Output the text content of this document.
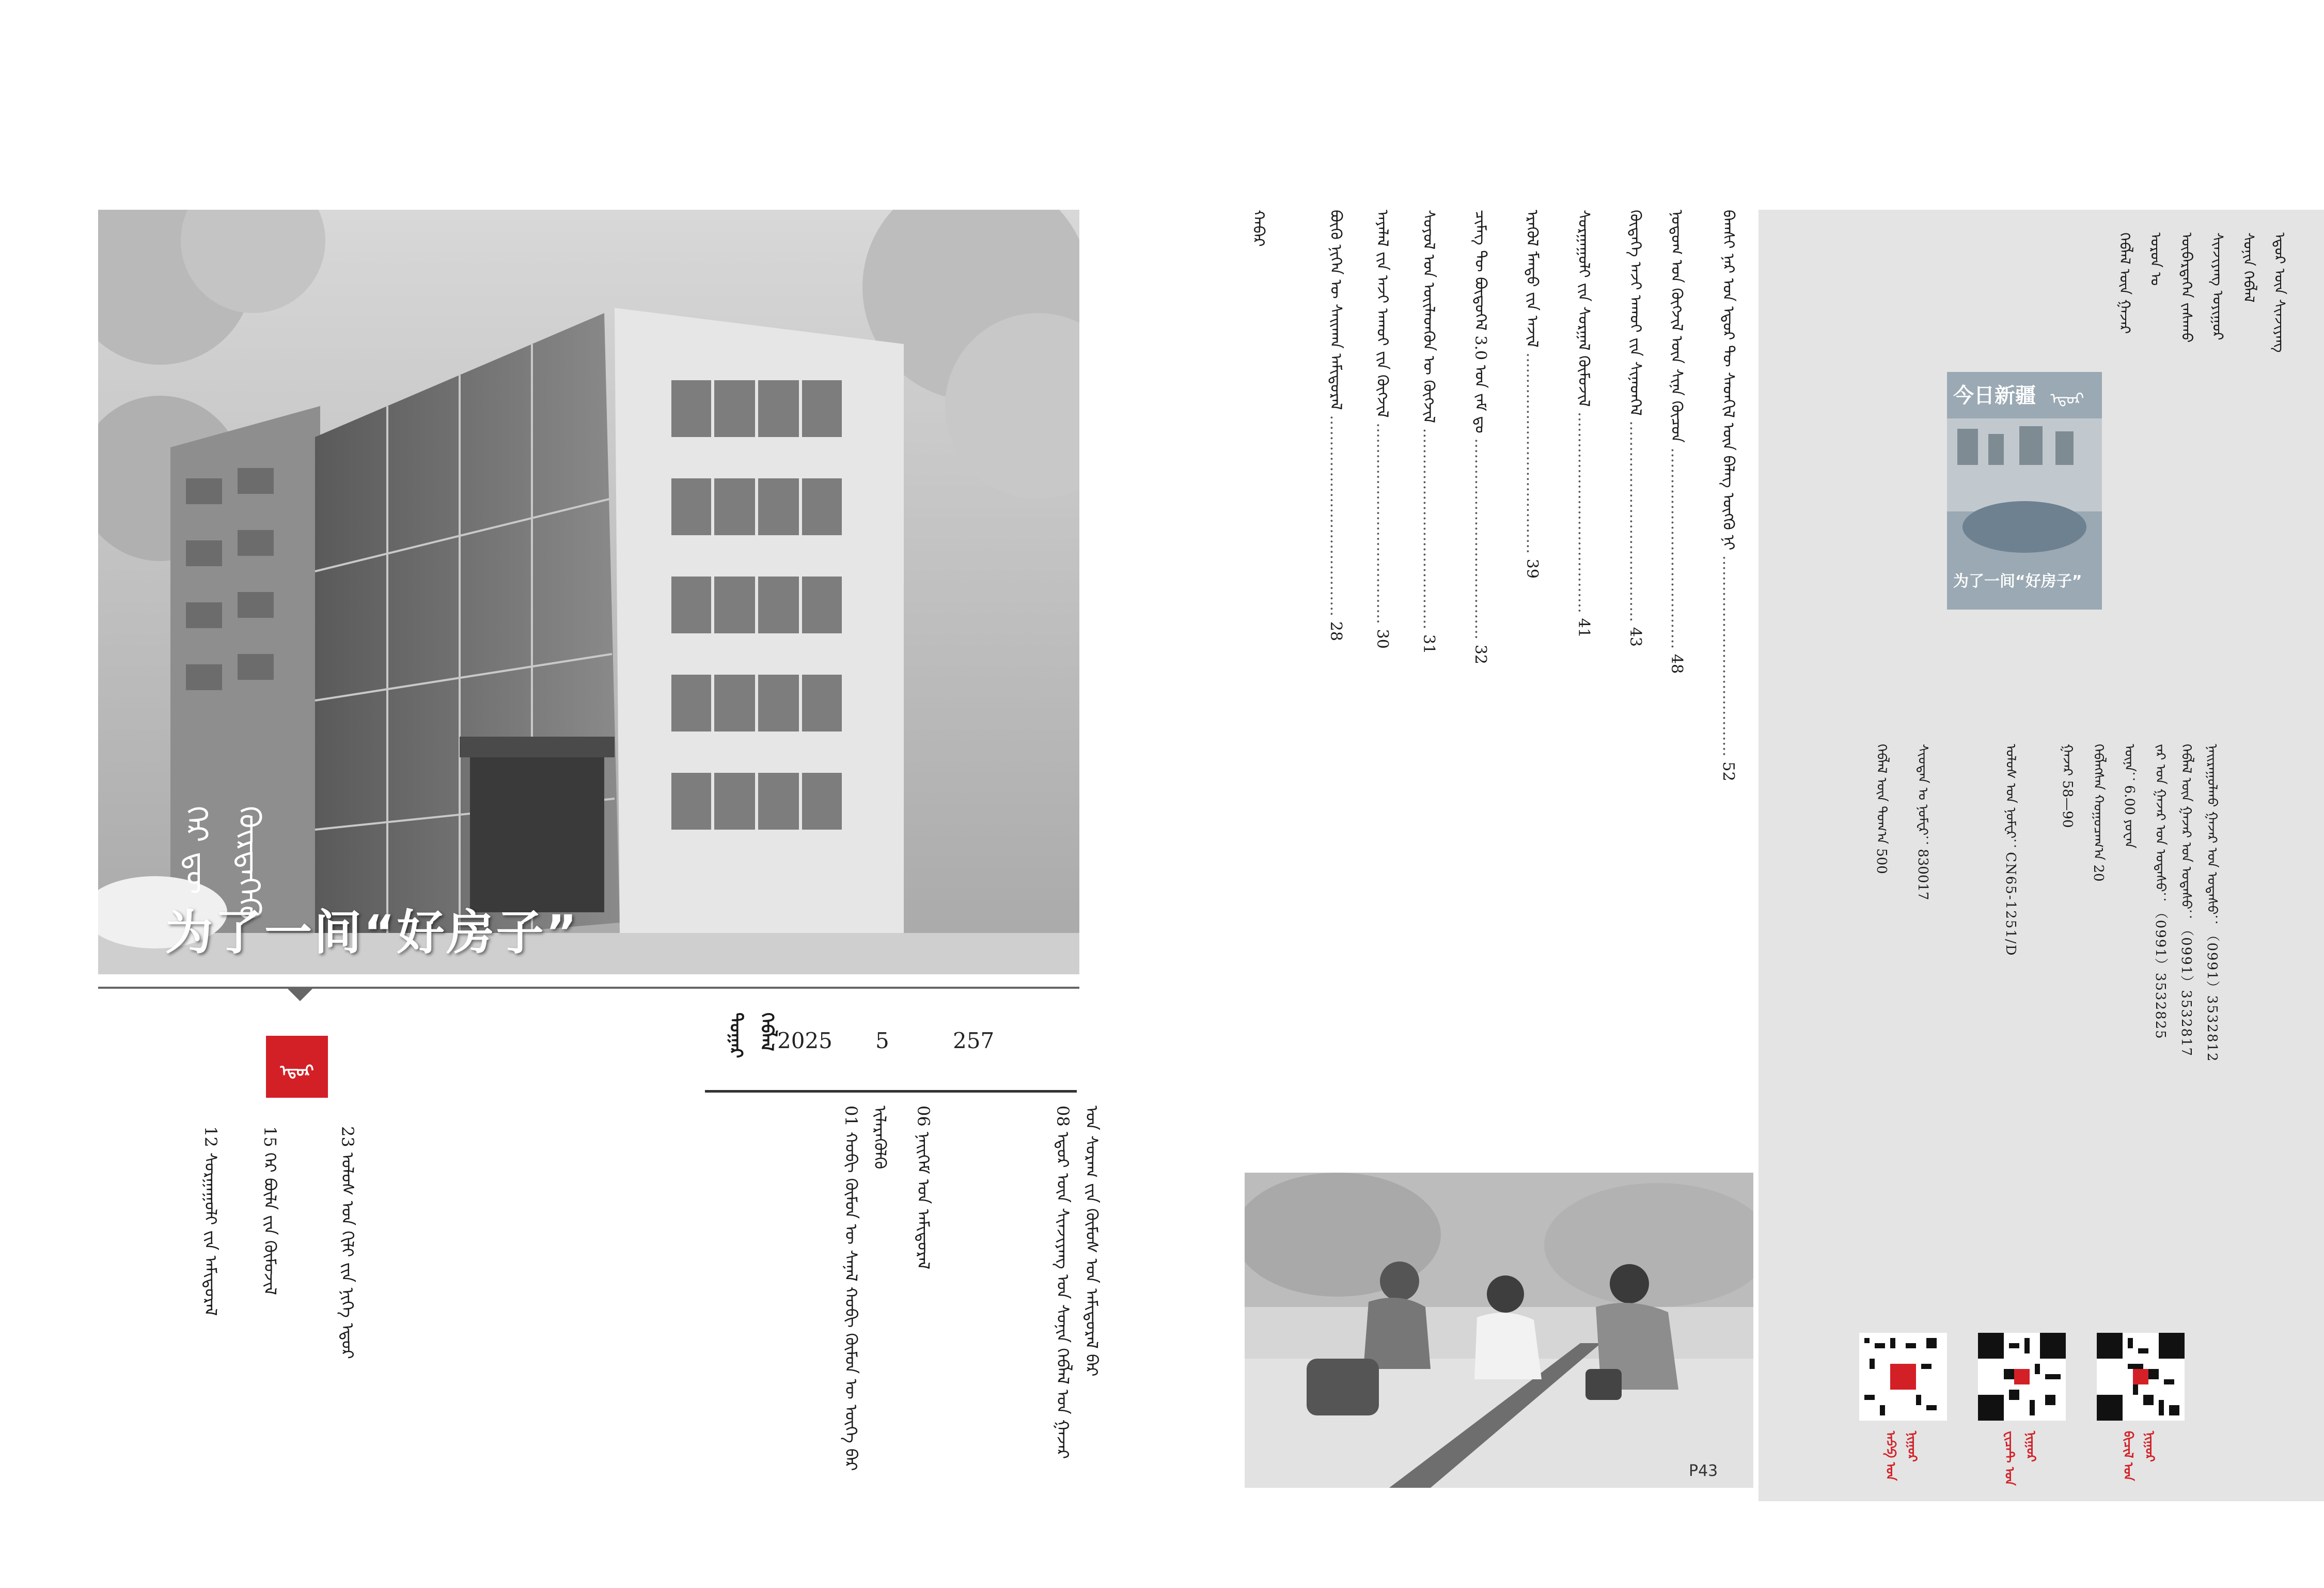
ᠭᠡᠷ ᠳᠦ ᠬᠦᠷᠲᠡᠭᠡᠬᠦ
为了一间“好房子”
ᠡᠳᠦᠷ
2025 5	257
ᠳᠤᠭᠠᠷ ᠬᠡᠪᠯᠡᠯ
08 ᠡᠳᠦᠷ ᠦᠨ ᠰᠢᠨᠵᠢᠶᠠᠩ ᠤᠨ ᠰᠣᠨᠢᠨ ᠬᠡᠪᠯᠡᠯ ᠤᠨ ᠭᠠᠵᠠᠷ ᠤᠨ ᠰᠤᠷᠠᠭ ᠵᠢᠨ ᠬᠦᠮᠦᠰ ᠤᠨ ᠠᠮᠢᠳᠤᠷᠠᠯ ᠪᠡᠷ
01 ᠬᠤᠪᠢ ᠬᠦᠮᠦᠨ ᠦ ᠰᠠᠨᠠᠯ ᠬᠤᠪᠢ ᠬᠦᠮᠦᠨ ᠦ ᠦᠭᠡ ᠪᠡᠷ ᠢᠯᠡᠷᠡᠭᠦᠯᠬᠦ 06 ᠨᠡᠢᠭᠡᠮ ᠤᠨ ᠠᠮᠢᠳᠤᠷᠠᠯ
23 ᠤᠯᠤᠰ ᠤᠨ ᠬᠢᠯᠢ ᠵᠢᠨ ᠨᠢᠭᠡ ᠡᠳᠦᠷ
15 ᠭᠡᠷ ᠪᠦᠯᠡ ᠵᠢᠨ ᠬᠦᠮᠦᠵᠢᠯ
12 ᠰᠤᠷᠭᠠᠭᠤᠯᠢ ᠵᠢᠨ ᠠᠮᠢᠳᠤᠷᠠᠯ
ᠬᠠᠪᠠᠷ	ᠪᠠᠭᠰᠢ ᠨᠠᠷ ᠤᠨ ᠡᠳᠦᠷ ᠲᠦ ᠰᠡᠳᠬᠢᠯ ᠦᠨ ᠪᠡᠯᠡᠭ ᠥᠭᠬᠦ ᠨᠢ ………………………………… 52
ᠨᠤᠲᠤᠭ ᠤᠨ ᠬᠥᠭᠵᠢᠯ ᠦᠨ ᠰᠢᠨᠡ ᠬᠦᠴᠦᠨ ………………………………… 48
ᠬᠥᠳᠡᠭᠡ ᠠᠵᠢ ᠠᠬᠤᠢ ᠵᠢᠨ ᠰᠢᠨᠡᠳᠬᠡᠯ ………………………………… 43
ᠰᠤᠷᠭᠠᠭᠤᠯᠢ ᠵᠢᠨ ᠰᠤᠷᠭᠠᠯ ᠬᠦᠮᠦᠵᠢᠯ ………………………………… 41
ᠡᠷᠡᠭᠦᠯ ᠮᠡᠨᠳᠦ ᠵᠢᠨ ᠠᠵᠢᠯ ………………………………… 39
ᠴᠢᠮᠡᠭ ᠲᠦ ᠪᠦᠲᠦᠭᠡᠯ 3.0 ᠤᠨ ᠵᠠᠮ ᠳᠤ ………………………………… 32
ᠰᠤᠶᠤᠯ ᠤᠨ ᠦᠢᠯᠡᠳᠬᠦᠨ ᠦ ᠬᠥᠭᠵᠢᠯ ………………………………… 31
ᠠᠶᠠᠯᠠᠯ ᠵᠢᠨ ᠠᠵᠢ ᠠᠬᠤᠢ ᠵᠢᠨ ᠬᠥᠭᠵᠢᠯ ………………………………… 30
ᠪᠦᠬᠦ ᠨᠢᠭᠡᠨ ᠦ ᠰᠠᠢᠬᠠᠨ ᠠᠮᠢᠳᠤᠷᠠᠯ ………………………………… 28
P43
ᠡᠳᠦᠷ ᠦᠨ ᠰᠢᠨᠵᠢᠶᠠᠩ
ᠰᠣᠨᠢᠨ ᠬᠡᠪᠯᠡᠯ
ᠰᠢᠨᠵᠢᠶᠠᠩ ᠤᠶᠢᠭᠤᠷ
ᠥᠪᠡᠷᠲᠡᠭᠡᠨ ᠵᠠᠰᠠᠬᠤ
ᠣᠷᠤᠨ ᠤ
ᠬᠡᠪᠯᠡᠯ ᠦᠨ ᠭᠠᠵᠠᠷ
今日新疆 ᠡᠳᠦᠷ
为了一间“好房子”
ᠨᠠᠢᠷᠠᠭᠤᠯᠬᠤ ᠭᠠᠵᠠᠷ ᠤᠨ ᠤᠲᠠᠰᠤ：（0991）3532812
ᠬᠡᠪᠯᠡᠯ ᠦᠨ ᠭᠠᠵᠠᠷ ᠤᠨ ᠤᠲᠠᠰᠤ：（0991）3532817
ᠵᠠᠷ ᠤᠨ ᠭᠠᠵᠠᠷ ᠤᠨ ᠤᠲᠠᠰᠤ：（0991）3532825
ᠦᠨᠡ：6.00 ᠶᠤᠸᠠᠨ
ᠬᠡᠪᠯᠡᠭᠰᠡᠨ ᠬᠤᠭᠤᠴᠠᠭ᠎ᠠ 20
ᠭᠠᠵᠠᠷ 58—90
ᠤᠯᠤᠰ ᠤᠨ ᠨᠣᠮᠧᠷ：CN65-1251/D
ᠰᠢᠤᠳᠠᠨ ᠤ ᠨᠣᠮᠧᠷ：830017
ᠬᠡᠪᠯᠡᠯ ᠦᠨ ᠲᠣᠭ᠎ᠠ 500
ᠪᠢᠴᠢᠯ ᠤᠨ ᠨᠢᠭᠤᠷ
ᠸᠢᠴᠠᠲ ᠤᠨ ᠨᠢᠭᠤᠷ
ᠠᠫᠫ ᠤᠨ ᠨᠢᠭᠤᠷ
